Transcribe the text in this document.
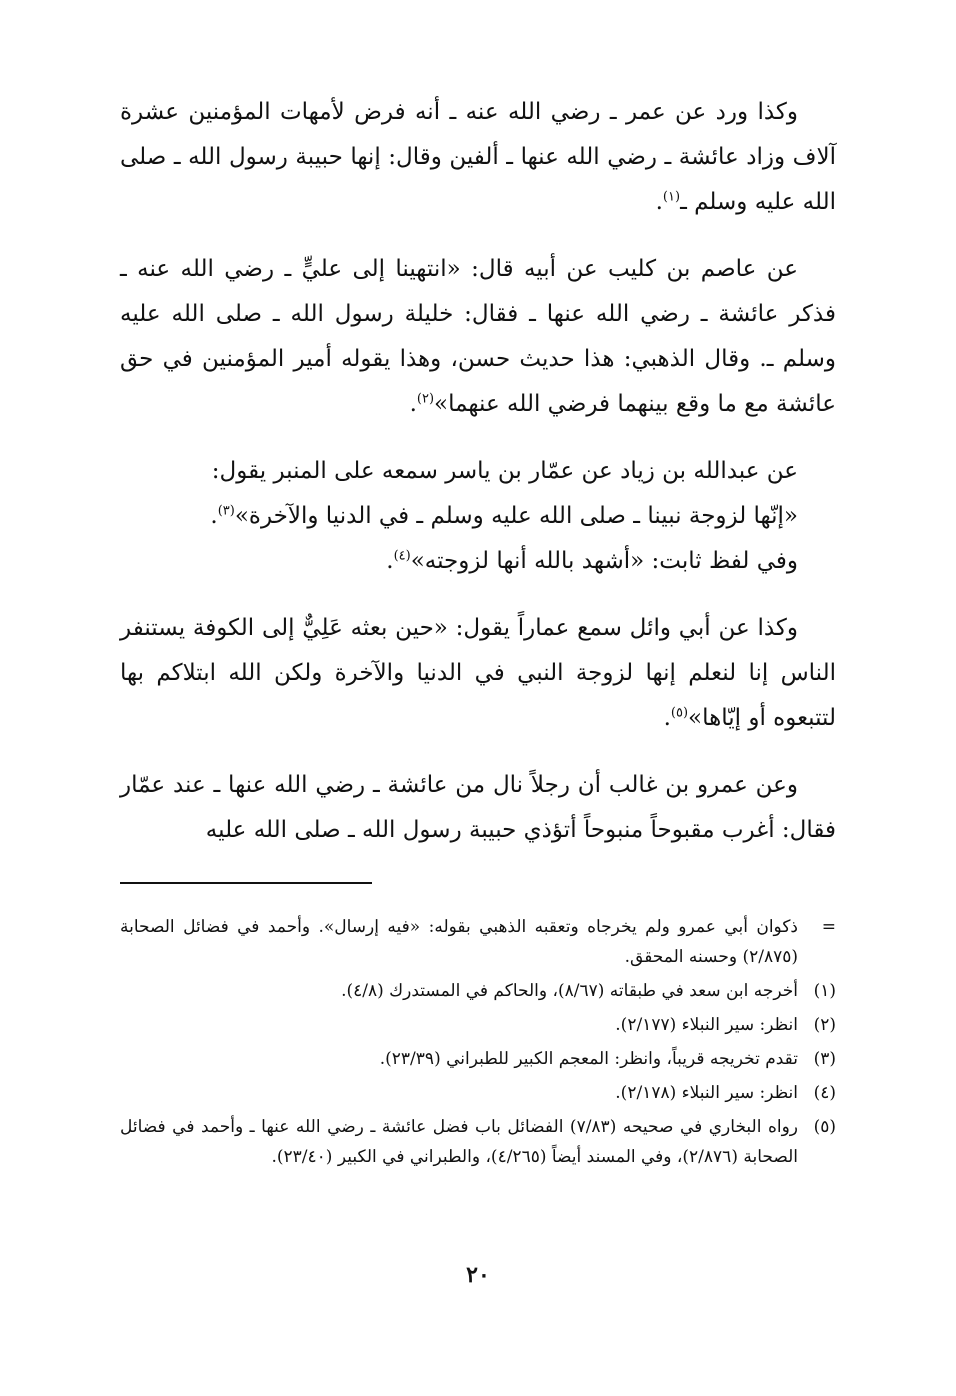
وكذا ورد عن عمر ـ رضي الله عنه ـ أنه فرض لأمهات المؤمنين عشرة آلاف وزاد عائشة ـ رضي الله عنها ـ ألفين وقال: إنها حبيبة رسول الله ـ صلى الله عليه وسلم ـ$^{(١)}$.

عن عاصم بن كليب عن أبيه قال: «انتهينا إلى عليٍّ ـ رضي الله عنه ـ فذكر عائشة ـ رضي الله عنها ـ فقال: خليلة رسول الله ـ صلى الله عليه وسلم ـ. وقال الذهبي: هذا حديث حسن، وهذا يقوله أمير المؤمنين في حق عائشة مع ما وقع بينهما فرضي الله عنهما»$^{(٢)}$.

عن عبدالله بن زياد عن عمّار بن ياسر سمعه على المنبر يقول:

«إنّها لزوجة نبينا ـ صلى الله عليه وسلم ـ في الدنيا والآخرة»$^{(٣)}$.

وفي لفظ ثابت: «أشهد بالله أنها لزوجته»$^{(٤)}$.

وكذا عن أبي وائل سمع عماراً يقول: «حين بعثه عَلِيٌّ إلى الكوفة يستنفر الناس إنا لنعلم إنها لزوجة النبي في الدنيا والآخرة ولكن الله ابتلاكم بها لتتبعوه أو إيّاها»$^{(٥)}$.

وعن عمرو بن غالب أن رجلاً نال من عائشة ـ رضي الله عنها ـ عند عمّار فقال: أغرب مقبوحاً منبوحاً أتؤذي حبيبة رسول الله ـ صلى الله عليه

=
ذكوان أبي عمرو ولم يخرجاه وتعقبه الذهبي بقوله: «فيه إرسال». وأحمد في فضائل الصحابة (٢/٨٧٥) وحسنه المحقق.
(١)
أخرجه ابن سعد في طبقاته (٨/٦٧)، والحاكم في المستدرك (٤/٨).
(٢)
انظر: سير النبلاء (٢/١٧٧).
(٣)
تقدم تخريجه قريباً، وانظر: المعجم الكبير للطبراني (٢٣/٣٩).
(٤)
انظر: سير النبلاء (٢/١٧٨).
(٥)
رواه البخاري في صحيحه (٧/٨٣) الفضائل باب فضل عائشة ـ رضي الله عنها ـ وأحمد في فضائل الصحابة (٢/٨٧٦)، وفي المسند أيضاً (٤/٢٦٥)، والطبراني في الكبير (٢٣/٤٠).
٢٠
